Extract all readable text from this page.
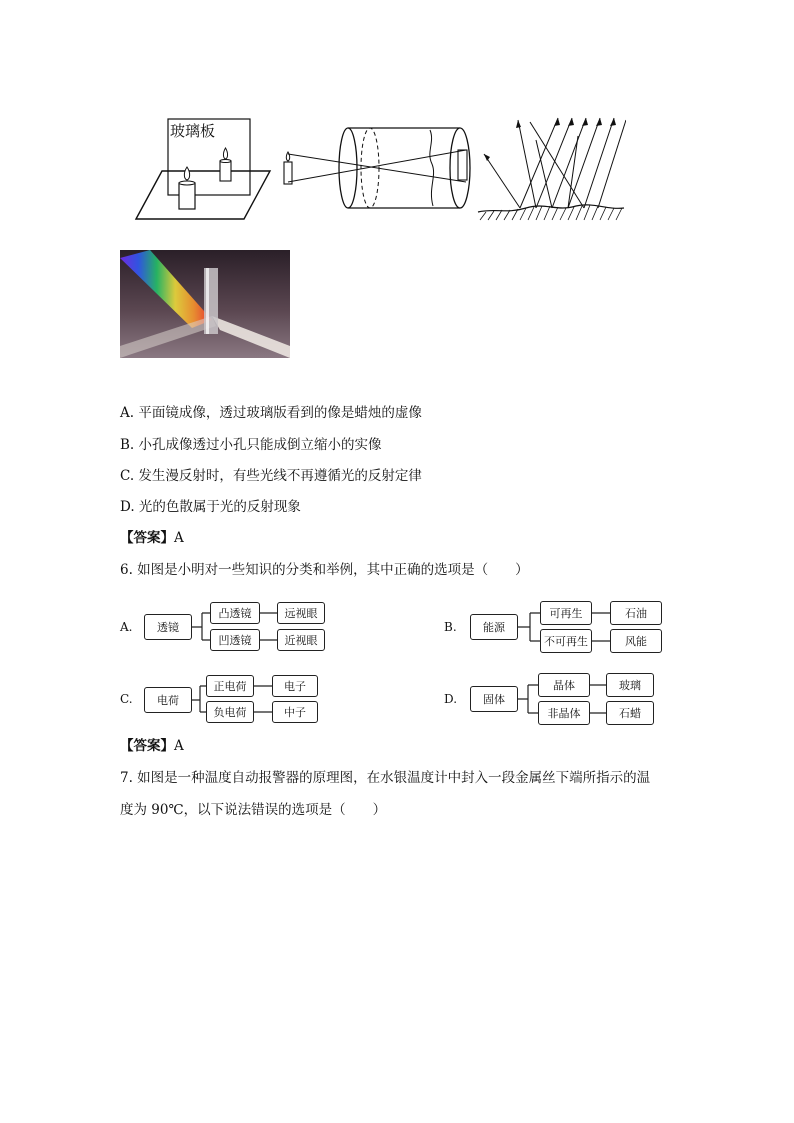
玻璃板
A. 平面镜成像，透过玻璃版看到的像是蜡烛的虚像
B. 小孔成像透过小孔只能成倒立缩小的实像
C. 发生漫反射时，有些光线不再遵循光的反射定律
D. 光的色散属于光的反射现象
【答案】A
6. 如图是小明对一些知识的分类和举例，其中正确的选项是（　　）
A.	透镜
凸透镜
凹透镜
远视眼
近视眼
B.	能源
可再生
不可再生
石油
风能
C.	电荷
正电荷
负电荷
电子
中子
D.	固体
晶体
非晶体
玻璃
石蜡
【答案】A
7. 如图是一种温度自动报警器的原理图，在水银温度计中封入一段金属丝下端所指示的温
度为 90℃，以下说法错误的选项是（　　）
